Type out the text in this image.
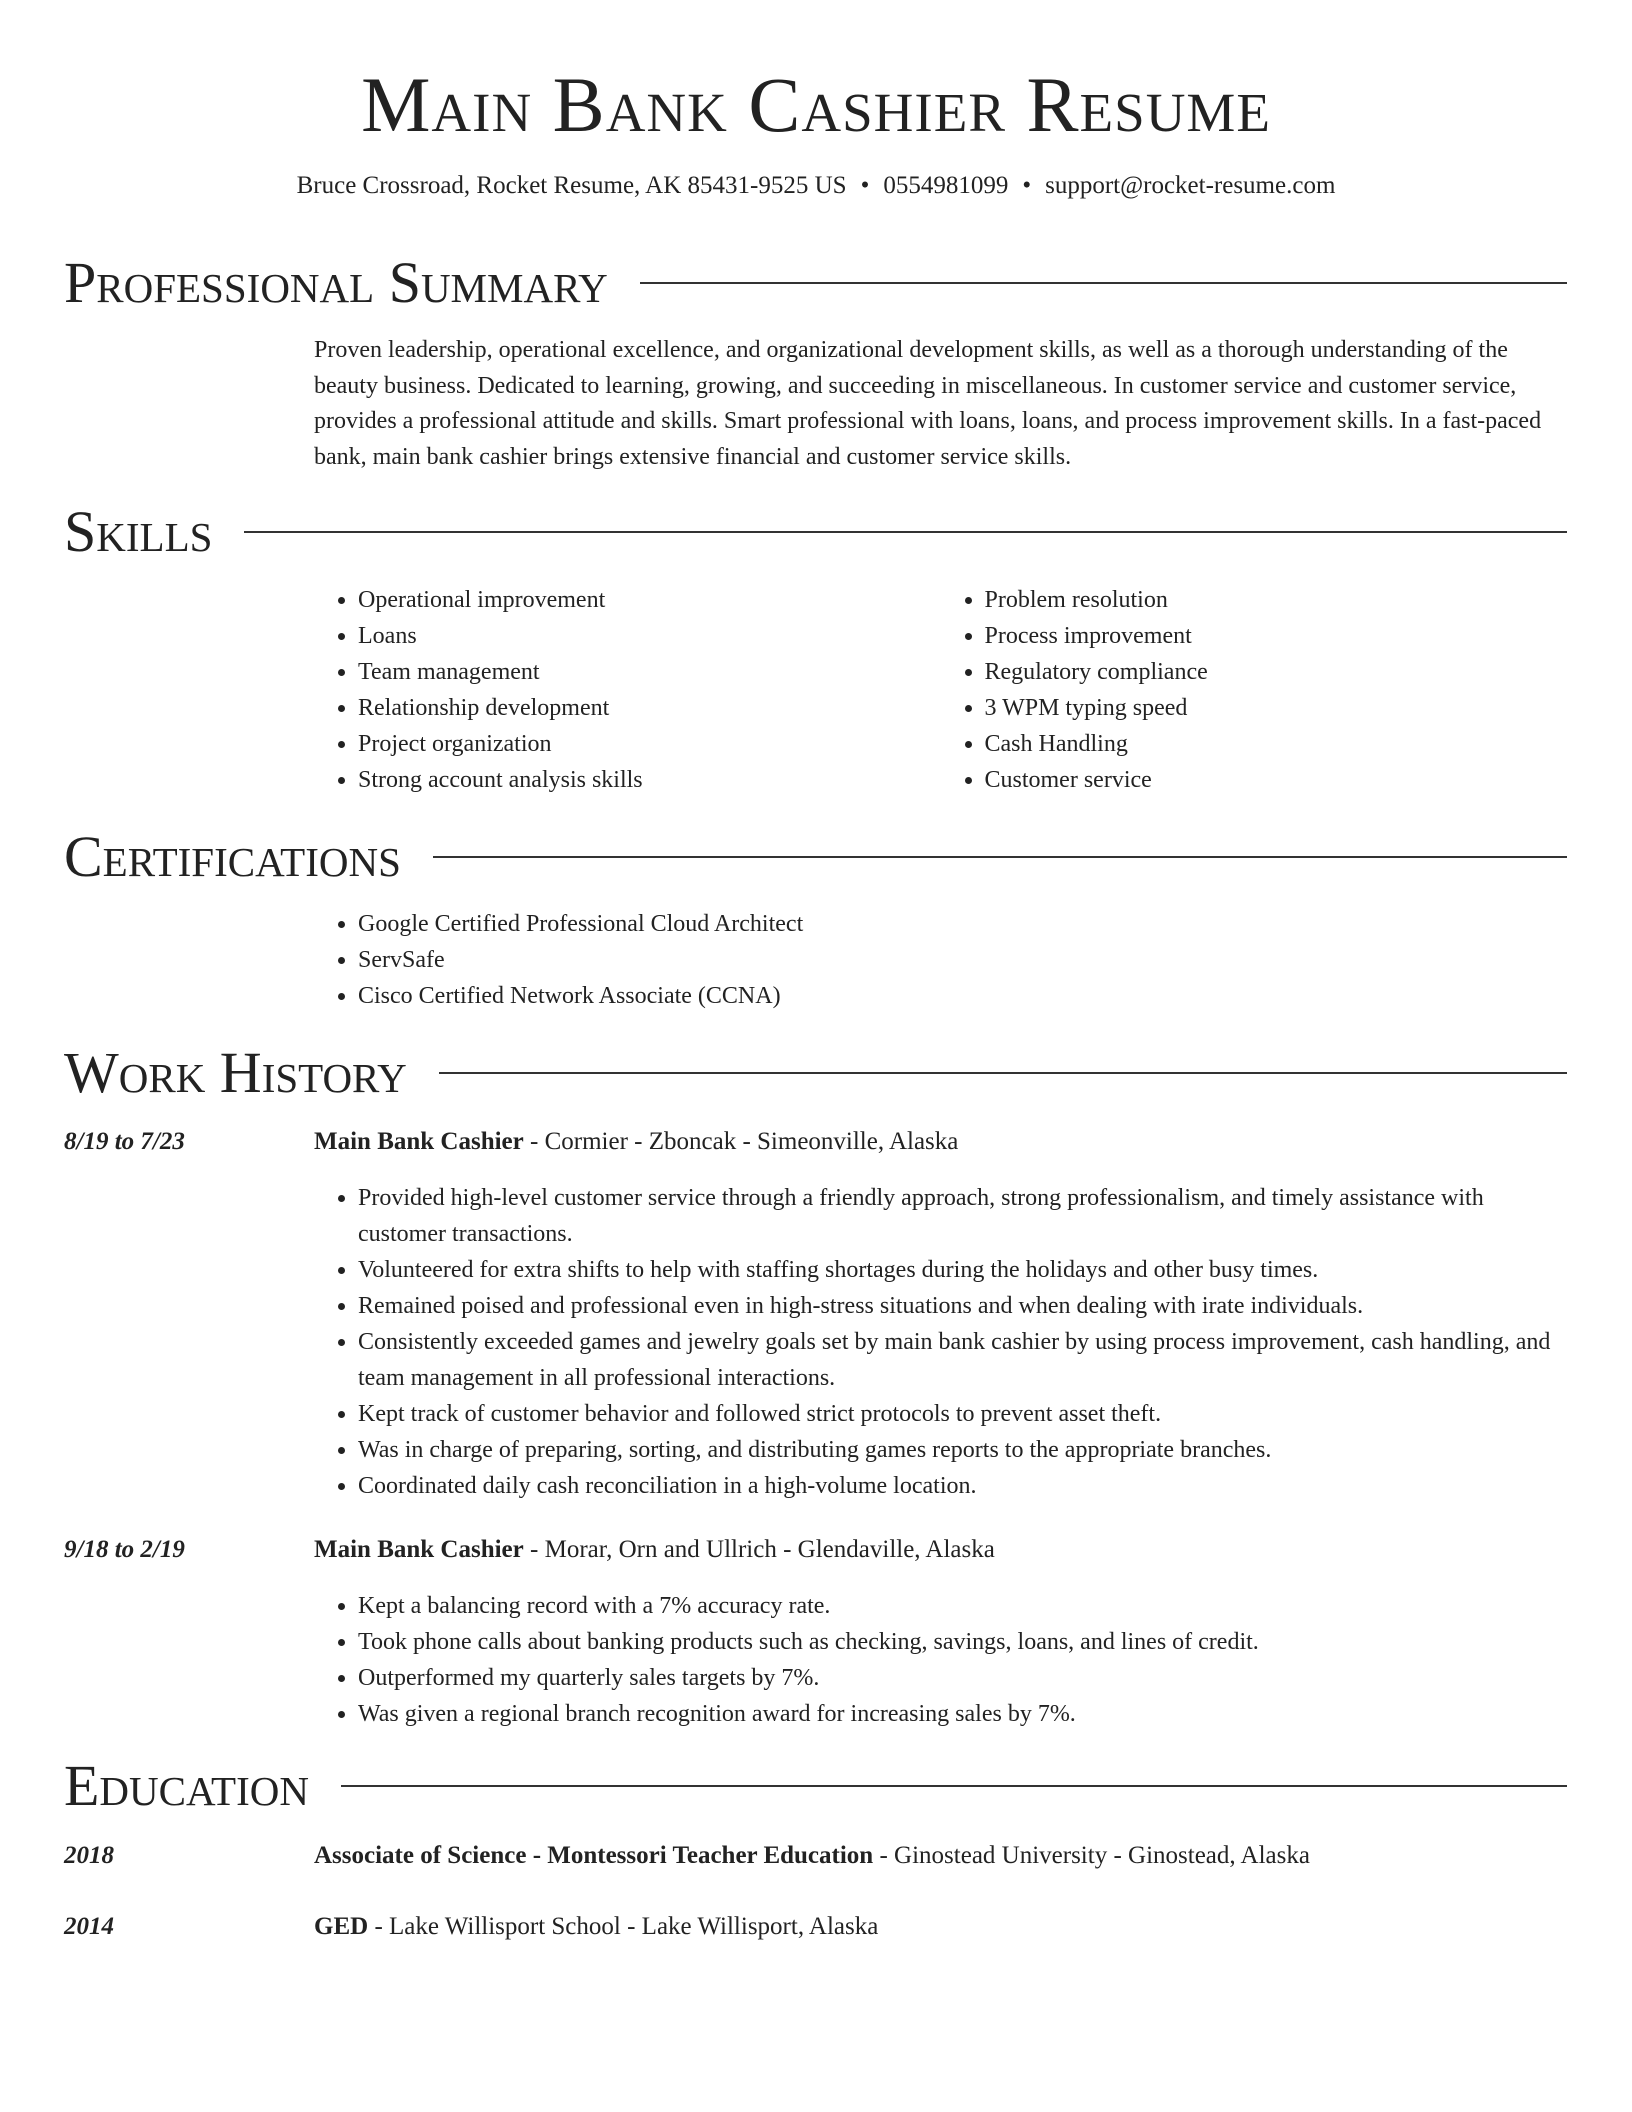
Main Bank Cashier Resume
Bruce Crossroad, Rocket Resume, AK 85431-9525 US • 0554981099 • support@rocket-resume.com
Professional Summary
Proven leadership, operational excellence, and organizational development skills, as well as a thorough understanding of the beauty business. Dedicated to learning, growing, and succeeding in miscellaneous. In customer service and customer service, provides a professional attitude and skills. Smart professional with loans, loans, and process improvement skills. In a fast-paced bank, main bank cashier brings extensive financial and customer service skills.
Skills
• Operational improvement
• Loans
• Team management
• Relationship development
• Project organization
• Strong account analysis skills
• Problem resolution
• Process improvement
• Regulatory compliance
• 3 WPM typing speed
• Cash Handling
• Customer service
Certifications
• Google Certified Professional Cloud Architect
• ServSafe
• Cisco Certified Network Associate (CCNA)
Work History
8/19 to 7/23	Main Bank Cashier - Cormier - Zboncak - Simeonville, Alaska
• Provided high-level customer service through a friendly approach, strong professionalism, and timely assistance with customer transactions.
• Volunteered for extra shifts to help with staffing shortages during the holidays and other busy times.
• Remained poised and professional even in high-stress situations and when dealing with irate individuals.
• Consistently exceeded games and jewelry goals set by main bank cashier by using process improvement, cash handling, and team management in all professional interactions.
• Kept track of customer behavior and followed strict protocols to prevent asset theft.
• Was in charge of preparing, sorting, and distributing games reports to the appropriate branches.
• Coordinated daily cash reconciliation in a high-volume location.
9/18 to 2/19	Main Bank Cashier - Morar, Orn and Ullrich - Glendaville, Alaska
• Kept a balancing record with a 7% accuracy rate.
• Took phone calls about banking products such as checking, savings, loans, and lines of credit.
• Outperformed my quarterly sales targets by 7%.
• Was given a regional branch recognition award for increasing sales by 7%.
Education
2018	Associate of Science - Montessori Teacher Education - Ginostead University - Ginostead, Alaska
2014	GED - Lake Willisport School - Lake Willisport, Alaska
